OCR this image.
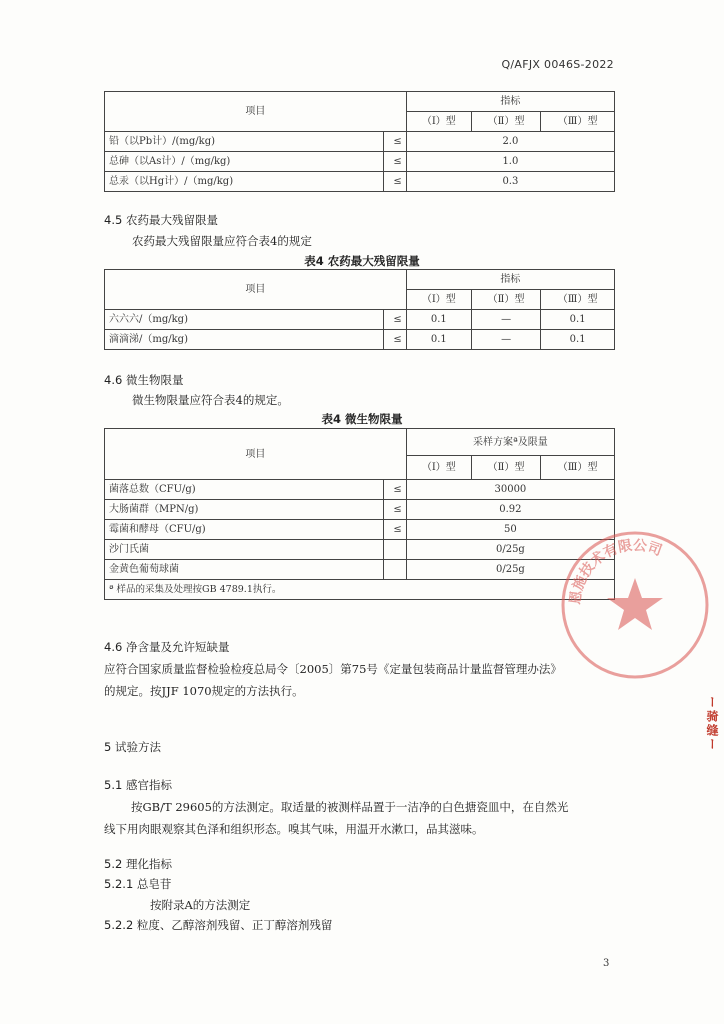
Q/AFJX 0046S-2022
项目		指标		
		（Ⅰ）型	（Ⅱ）型	（Ⅲ）型
铅（以Pb计）/(mg/kg)	≤	2.0		
总砷（以As计）/（mg/kg)	≤	1.0		
总汞（以Hg计）/（mg/kg)	≤	0.3		
4.5 农药最大残留限量
农药最大残留限量应符合表4的规定
表4 农药最大残留限量
项目		指标		
		（Ⅰ）型	（Ⅱ）型	（Ⅲ）型
六六六/（mg/kg)	≤	0.1	—	0.1
滴滴涕/（mg/kg)	≤	0.1	—	0.1
4.6 微生物限量
微生物限量应符合表4的规定。
表4 微生物限量
项目		采样方案ª及限量		
		（Ⅰ）型	（Ⅱ）型	（Ⅲ）型
菌落总数（CFU/g)	≤	30000		
大肠菌群（MPN/g)	≤	0.92		
霉菌和酵母（CFU/g)	≤	50		
沙门氏菌		0/25g		
金黄色葡萄球菌		0/25g		
ª 样品的采集及处理按GB 4789.1执行。				
4.6 净含量及允许短缺量
应符合国家质量监督检验检疫总局令〔2005〕第75号《定量包装商品计量监督管理办法》
的规定。按JJF 1070规定的方法执行。
5 试验方法
5.1 感官指标
按GB/T 29605的方法测定。取适量的被测样品置于一洁净的白色搪瓷皿中，在自然光
线下用肉眼观察其色泽和组织形态。嗅其气味，用温开水漱口，品其滋味。
5.2 理化指标
5.2.1 总皂苷
按附录A的方法测定
5.2.2 粒度、乙醇溶剂残留、正丁醇溶剂残留
恩施技术有限公司
ー骑缝ー
3
